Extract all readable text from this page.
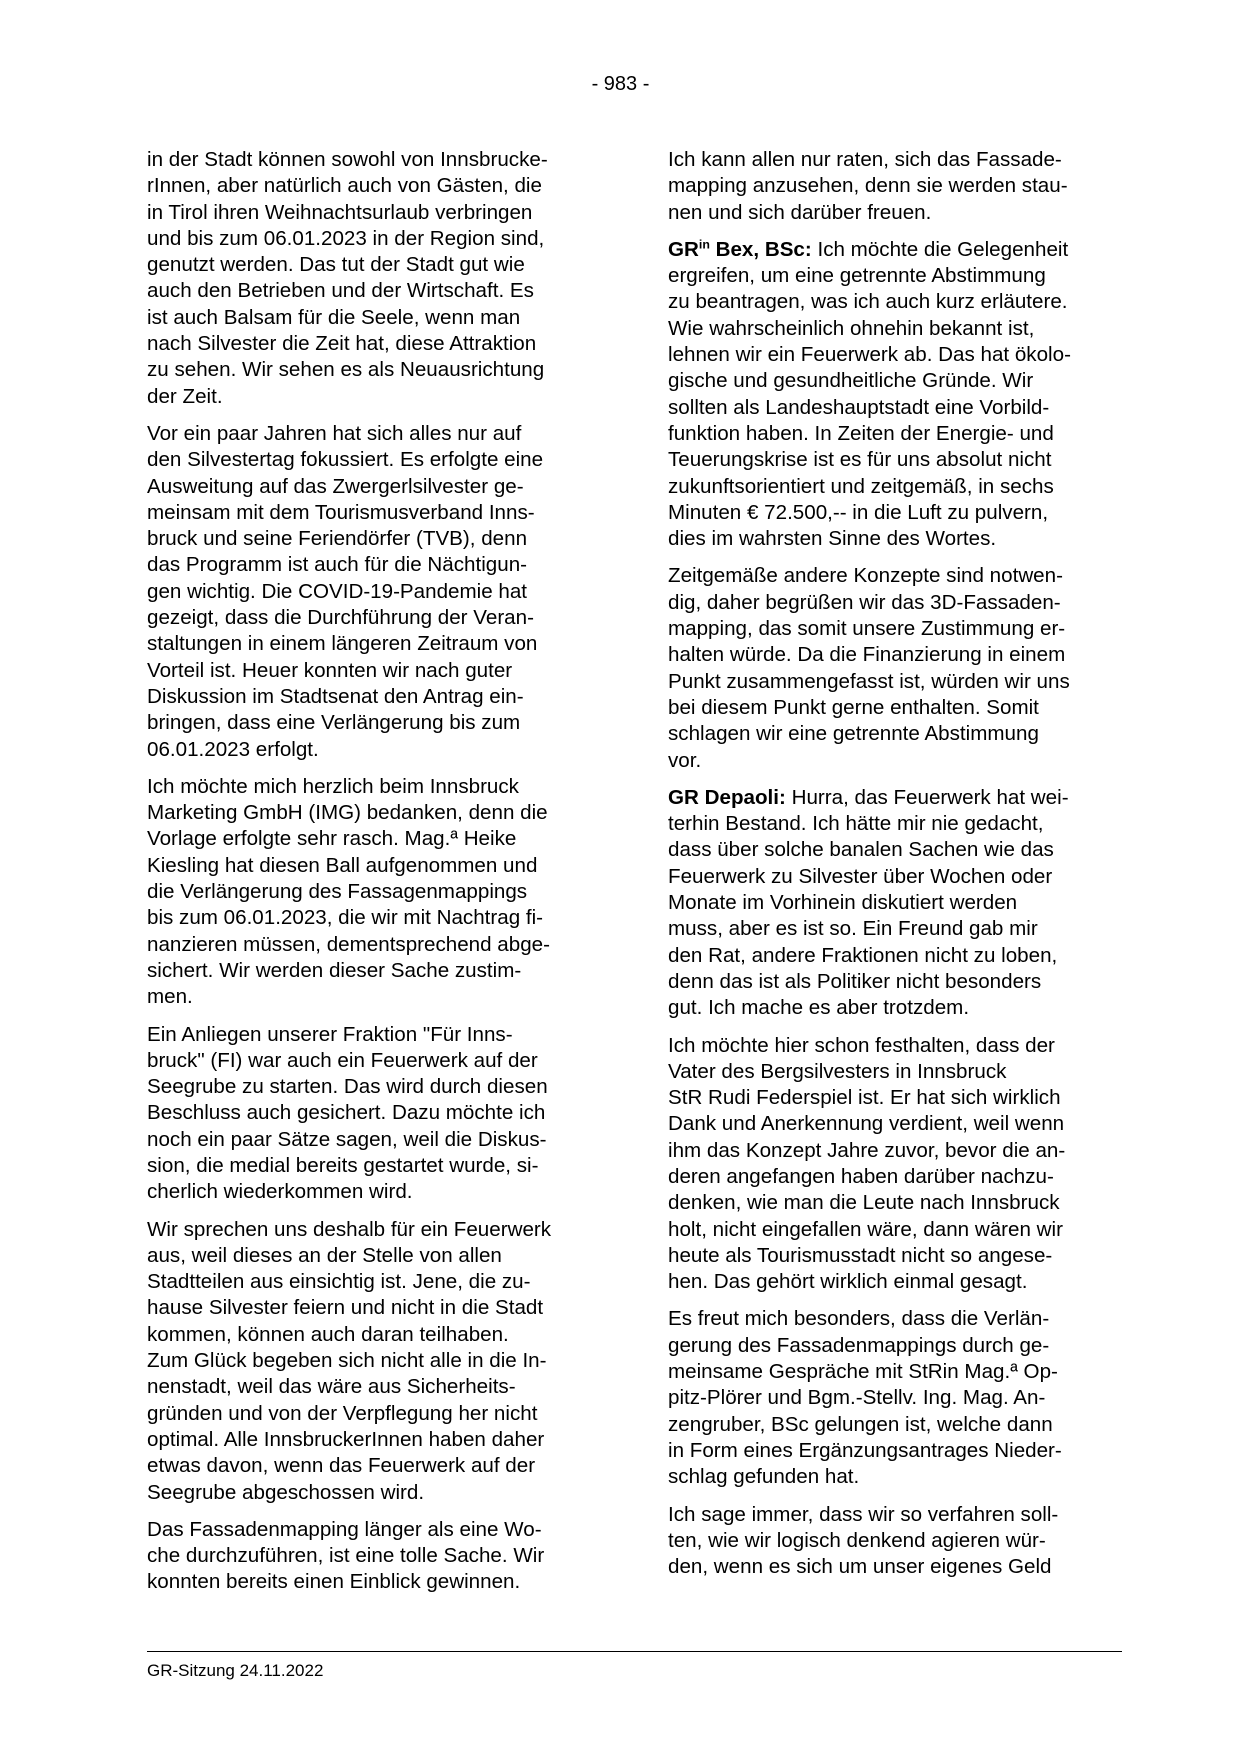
- 983 -

in der Stadt können sowohl von Innsbrucke-
rInnen, aber natürlich auch von Gästen, die
in Tirol ihren Weihnachtsurlaub verbringen
und bis zum 06.01.2023 in der Region sind,
genutzt werden. Das tut der Stadt gut wie
auch den Betrieben und der Wirtschaft. Es
ist auch Balsam für die Seele, wenn man
nach Silvester die Zeit hat, diese Attraktion
zu sehen. Wir sehen es als Neuausrichtung
der Zeit.

Vor ein paar Jahren hat sich alles nur auf
den Silvestertag fokussiert. Es erfolgte eine
Ausweitung auf das Zwergerlsilvester ge-
meinsam mit dem Tourismusverband Inns-
bruck und seine Feriendörfer (TVB), denn
das Programm ist auch für die Nächtigun-
gen wichtig. Die COVID-19-Pandemie hat
gezeigt, dass die Durchführung der Veran-
staltungen in einem längeren Zeitraum von
Vorteil ist. Heuer konnten wir nach guter
Diskussion im Stadtsenat den Antrag ein-
bringen, dass eine Verlängerung bis zum
06.01.2023 erfolgt.

Ich möchte mich herzlich beim Innsbruck
Marketing GmbH (IMG) bedanken, denn die
Vorlage erfolgte sehr rasch. Mag.ª Heike
Kiesling hat diesen Ball aufgenommen und
die Verlängerung des Fassagenmappings
bis zum 06.01.2023, die wir mit Nachtrag fi-
nanzieren müssen, dementsprechend abge-
sichert. Wir werden dieser Sache zustim-
men.

Ein Anliegen unserer Fraktion "Für Inns-
bruck" (FI) war auch ein Feuerwerk auf der
Seegrube zu starten. Das wird durch diesen
Beschluss auch gesichert. Dazu möchte ich
noch ein paar Sätze sagen, weil die Diskus-
sion, die medial bereits gestartet wurde, si-
cherlich wiederkommen wird.

Wir sprechen uns deshalb für ein Feuerwerk
aus, weil dieses an der Stelle von allen
Stadtteilen aus einsichtig ist. Jene, die zu-
hause Silvester feiern und nicht in die Stadt
kommen, können auch daran teilhaben.
Zum Glück begeben sich nicht alle in die In-
nenstadt, weil das wäre aus Sicherheits-
gründen und von der Verpflegung her nicht
optimal. Alle InnsbruckerInnen haben daher
etwas davon, wenn das Feuerwerk auf der
Seegrube abgeschossen wird.

Das Fassadenmapping länger als eine Wo-
che durchzuführen, ist eine tolle Sache. Wir
konnten bereits einen Einblick gewinnen.

Ich kann allen nur raten, sich das Fassade-
mapping anzusehen, denn sie werden stau-
nen und sich darüber freuen.

$GR^{in}$ Bex, BSc: Ich möchte die Gelegenheit
ergreifen, um eine getrennte Abstimmung
zu beantragen, was ich auch kurz erläutere.
Wie wahrscheinlich ohnehin bekannt ist,
lehnen wir ein Feuerwerk ab. Das hat ökolo-
gische und gesundheitliche Gründe. Wir
sollten als Landeshauptstadt eine Vorbild-
funktion haben. In Zeiten der Energie- und
Teuerungskrise ist es für uns absolut nicht
zukunftsorientiert und zeitgemäß, in sechs
Minuten € 72.500,-- in die Luft zu pulvern,
dies im wahrsten Sinne des Wortes.

Zeitgemäße andere Konzepte sind notwen-
dig, daher begrüßen wir das 3D-Fassaden-
mapping, das somit unsere Zustimmung er-
halten würde. Da die Finanzierung in einem
Punkt zusammengefasst ist, würden wir uns
bei diesem Punkt gerne enthalten. Somit
schlagen wir eine getrennte Abstimmung
vor.

GR Depaoli: Hurra, das Feuerwerk hat wei-
terhin Bestand. Ich hätte mir nie gedacht,
dass über solche banalen Sachen wie das
Feuerwerk zu Silvester über Wochen oder
Monate im Vorhinein diskutiert werden
muss, aber es ist so. Ein Freund gab mir
den Rat, andere Fraktionen nicht zu loben,
denn das ist als Politiker nicht besonders
gut. Ich mache es aber trotzdem.

Ich möchte hier schon festhalten, dass der
Vater des Bergsilvesters in Innsbruck
StR Rudi Federspiel ist. Er hat sich wirklich
Dank und Anerkennung verdient, weil wenn
ihm das Konzept Jahre zuvor, bevor die an-
deren angefangen haben darüber nachzu-
denken, wie man die Leute nach Innsbruck
holt, nicht eingefallen wäre, dann wären wir
heute als Tourismusstadt nicht so angese-
hen. Das gehört wirklich einmal gesagt.

Es freut mich besonders, dass die Verlän-
gerung des Fassadenmappings durch ge-
meinsame Gespräche mit StRin Mag.ª Op-
pitz-Plörer und Bgm.-Stellv. Ing. Mag. An-
zengruber, BSc gelungen ist, welche dann
in Form eines Ergänzungsantrages Nieder-
schlag gefunden hat.

Ich sage immer, dass wir so verfahren soll-
ten, wie wir logisch denkend agieren wür-
den, wenn es sich um unser eigenes Geld

GR-Sitzung 24.11.2022
